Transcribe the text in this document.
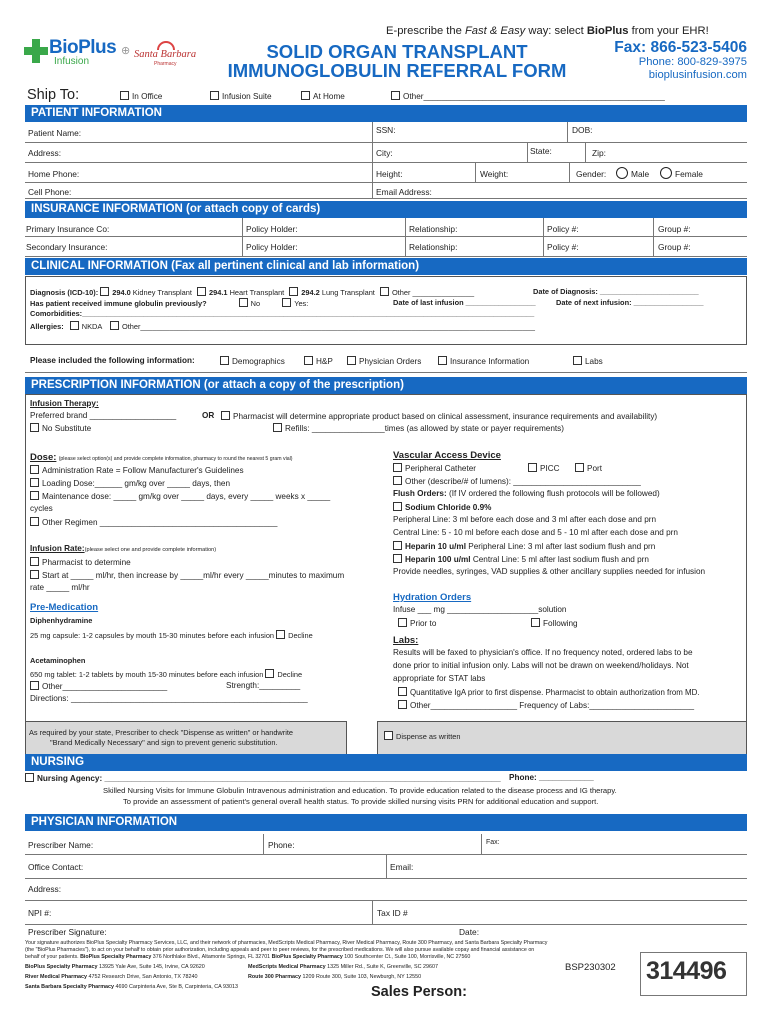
E-prescribe the Fast & Easy way: select BioPlus from your EHR!
BioPlus
Infusion
⊕ Santa Barbara
Pharmacy
SOLID ORGAN TRANSPLANT
IMMUNOGLOBULIN REFERRAL FORM
Fax: 866-523-5406
Phone: 800-829-3975
bioplusinfusion.com
Ship To:	In Office	Infusion Suite	At Home	Other_____________________________________________________
PATIENT INFORMATION
Patient Name:	SSN:	DOB:
Address:	City:	State:	Zip:
Home Phone:	Height:	Weight:	Gender:	Male	Female
Cell Phone:	Email Address:
INSURANCE INFORMATION (or attach copy of cards)
Primary Insurance Co:	Policy Holder:	Relationship:	Policy #:	Group #:
Secondary Insurance:	Policy Holder:	Relationship:	Policy #:	Group #:
CLINICAL INFORMATION (Fax all pertinent clinical and lab information)
Diagnosis (ICD-10): 294.0 Kidney Transplant 294.1 Heart Transplant 294.2 Lung Transplant Other _______________	Date of Diagnosis: ________________________
Has patient received immune globulin previously?	No	Yes:	Date of last infusion _________________	Date of next infusion: _________________
Comorbidities:______________________________________________________________________________________________________________
Allergies: NKDA	Other________________________________________________________________________________________________
Please included the following information:	Demographics	H&P	Physician Orders	Insurance Information	Labs
PRESCRIPTION INFORMATION (or attach a copy of the prescription)
Infusion Therapy:
Preferred brand ___________________	OR	Pharmacist will determine appropriate product based on clinical assessment, insurance requirements and availability)
No Substitute	Refills: ________________times (as allowed by state or payer requirements)
Dose: (please select option(s) and provide complete information, pharmacy to round the nearest 5 gram vial)
Administration Rate = Follow Manufacturer's Guidelines
Loading Dose:______ gm/kg over _____ days, then
Maintenance dose: _____ gm/kg over _____ days, every _____ weeks x _____
cycles
Other Regimen _______________________________________
Infusion Rate:(please select one and provide complete information)
Pharmacist to determine
Start at _____ ml/hr, then increase by _____ml/hr every _____minutes to maximum
rate _____ ml/hr
Pre-Medication
Diphenhydramine
25 mg capsule: 1-2 capsules by mouth 15-30 minutes before each infusion Decline
Acetaminophen
650 mg tablet: 1-2 tablets by mouth 15-30 minutes before each infusion Decline
Other_______________________	Strength:_________
Directions: ____________________________________________________
Vascular Access Device
Peripheral Catheter	PICC	Port
Other (describe/# of lumens): ____________________________
Flush Orders: (If IV ordered the following flush protocols will be followed)
Sodium Chloride 0.9%
Peripheral Line: 3 ml before each dose and 3 ml after each dose and prn
Central Line: 5 - 10 ml before each dose and 5 - 10 ml after each dose and prn
Heparin 10 u/ml Peripheral Line: 3 ml after last sodium flush and prn
Heparin 100 u/ml Central Line: 5 ml after last sodium flush and prn
Provide needles, syringes, VAD supplies & other ancillary supplies needed for infusion
Hydration Orders
Infuse ___ mg ____________________solution
Prior to	Following
Labs:
Results will be faxed to physician's office. If no frequency noted, ordered labs to be
done prior to initial infusion only. Labs will not be drawn on weekend/holidays. Not
appropriate for STAT labs
Quantitative IgA prior to first dispense. Pharmacist to obtain authorization from MD.
Other___________________ Frequency of Labs:_______________________
As required by your state, Prescriber to check "Dispense as written" or handwrite
"Brand Medically Necessary" and sign to prevent generic substitution.
Dispense as written
NURSING
Nursing Agency: _______________________________________________________________________________________ Phone: ____________
Skilled Nursing Visits for Immune Globulin Intravenous administration and education. To provide education related to the disease process and IG therapy.
To provide an assessment of patient's general overall health status. To provide skilled nursing visits PRN for additional education and support.
PHYSICIAN INFORMATION
Prescriber Name:	Phone:	Fax:
Office Contact:	Email:
Address:
NPI #:	Tax ID #
Prescriber Signature:	Date:
Your signature authorizes BioPlus Specialty Pharmacy Services, LLC, and their network of pharmacies, MedScripts Medical Pharmacy, River Medical Pharmacy, Route 300 Pharmacy, and Santa Barbara Specialty Pharmacy
(the "BioPlus Pharmacies"), to act on your behalf to obtain prior authorization, including appeals and peer to peer reviews, for the prescribed medications. We will also pursue available copay and financial assistance on
behalf of your patients. BioPlus Specialty Pharmacy 376 Northlake Blvd., Altamonte Springs, FL 32701 BioPlus Specialty Pharmacy 100 Southcenter Ct., Suite 100, Morrisville, NC 27560
BioPlus Specialty Pharmacy 13925 Yale Ave, Suite 145, Irvine, CA 92620	MedScripts Medical Pharmacy 1325 Miller Rd., Suite K, Greenville, SC 29607
River Medical Pharmacy 4752 Research Drive, San Antonio, TX 78240	Route 300 Pharmacy 1209 Route 300, Suite 103, Newburgh, NY 12550
Santa Barbara Specialty Pharmacy 4690 Carpinteria Ave, Ste B, Carpinteria, CA 93013
BSP230302 314496
Sales Person:
